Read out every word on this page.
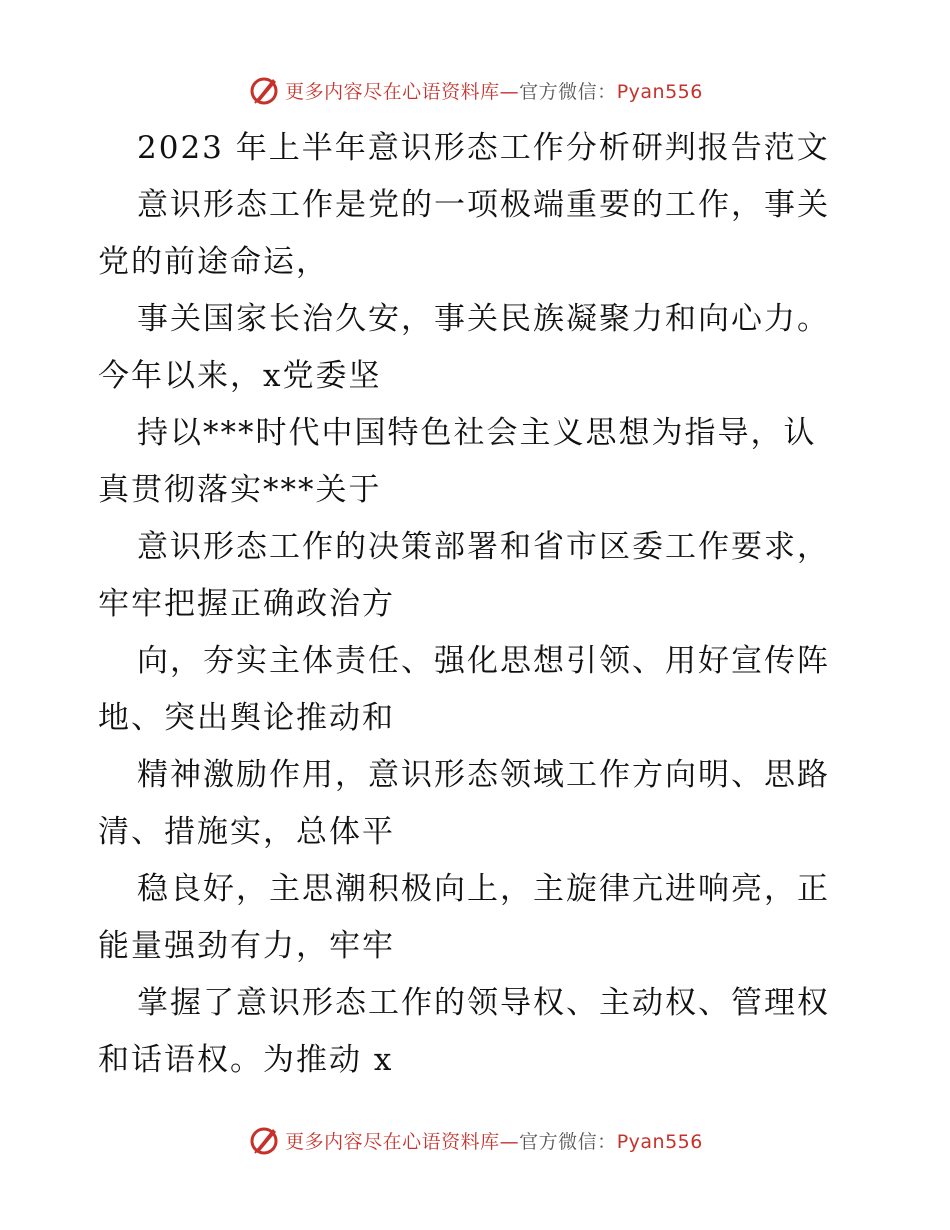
更多内容尽在心语资料库—官方微信：Pyan556
2023 年上半年意识形态工作分析研判报告范文
意识形态工作是党的一项极端重要的工作，事关
党的前途命运，
事关国家长治久安，事关民族凝聚力和向心力。
今年以来，x党委坚
持以***时代中国特色社会主义思想为指导，认
真贯彻落实***关于
意识形态工作的决策部署和省市区委工作要求，
牢牢把握正确政治方
向，夯实主体责任、强化思想引领、用好宣传阵
地、突出舆论推动和
精神激励作用，意识形态领域工作方向明、思路
清、措施实，总体平
稳良好，主思潮积极向上，主旋律亢进响亮，正
能量强劲有力，牢牢
掌握了意识形态工作的领导权、主动权、管理权
和话语权。为推动 x
更多内容尽在心语资料库—官方微信：Pyan556
